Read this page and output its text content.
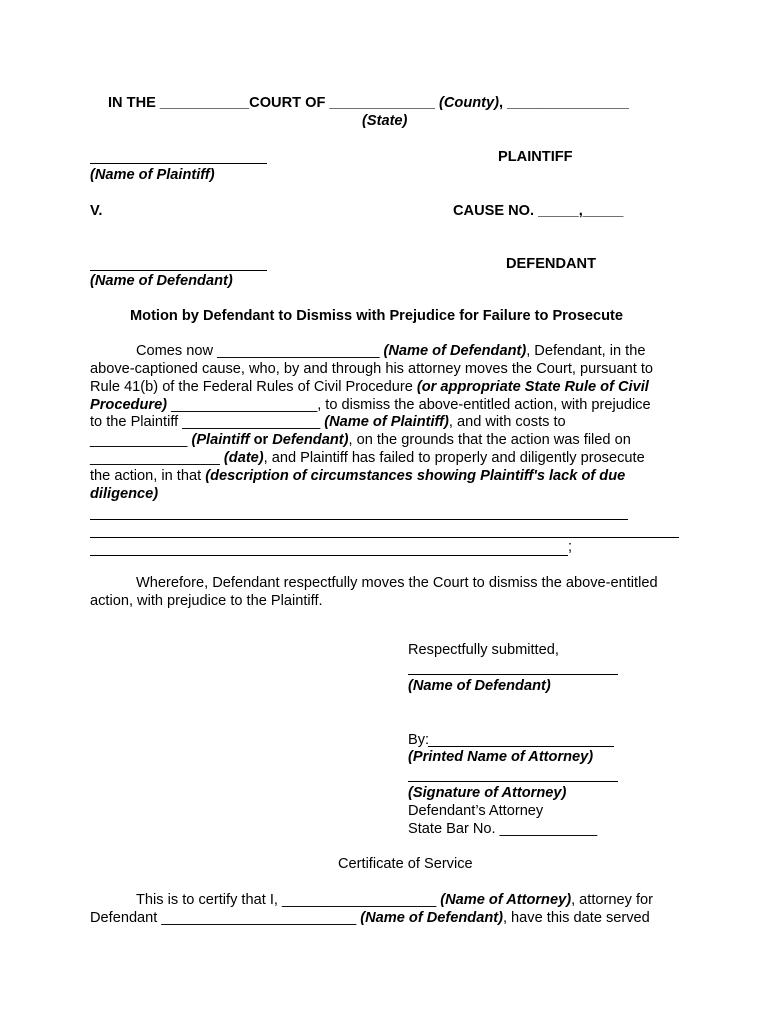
IN THE ___________COURT OF _____________ (County), _______________
(State)
PLAINTIFF
(Name of Plaintiff)
V.	CAUSE NO. _____,_____
DEFENDANT
(Name of Defendant)
Motion by Defendant to Dismiss with Prejudice for Failure to Prosecute
Comes now ____________________ (Name of Defendant), Defendant, in the
above-captioned cause, who, by and through his attorney moves the Court, pursuant to
Rule 41(b) of the Federal Rules of Civil Procedure (or appropriate State Rule of Civil
Procedure) __________________, to dismiss the above-entitled action, with prejudice
to the Plaintiff _________________ (Name of Plaintiff), and with costs to
____________ (Plaintiff or Defendant), on the grounds that the action was filed on
________________ (date), and Plaintiff has failed to properly and diligently prosecute
the action, in that (description of circumstances showing Plaintiff's lack of due
diligence)
;
Wherefore, Defendant respectfully moves the Court to dismiss the above-entitled
action, with prejudice to the Plaintiff.
Respectfully submitted,
(Name of Defendant)
By:
(Printed Name of Attorney)
(Signature of Attorney)
Defendant’s Attorney
State Bar No. ____________
Certificate of Service
This is to certify that I, ___________________ (Name of Attorney), attorney for
Defendant ________________________ (Name of Defendant), have this date served
